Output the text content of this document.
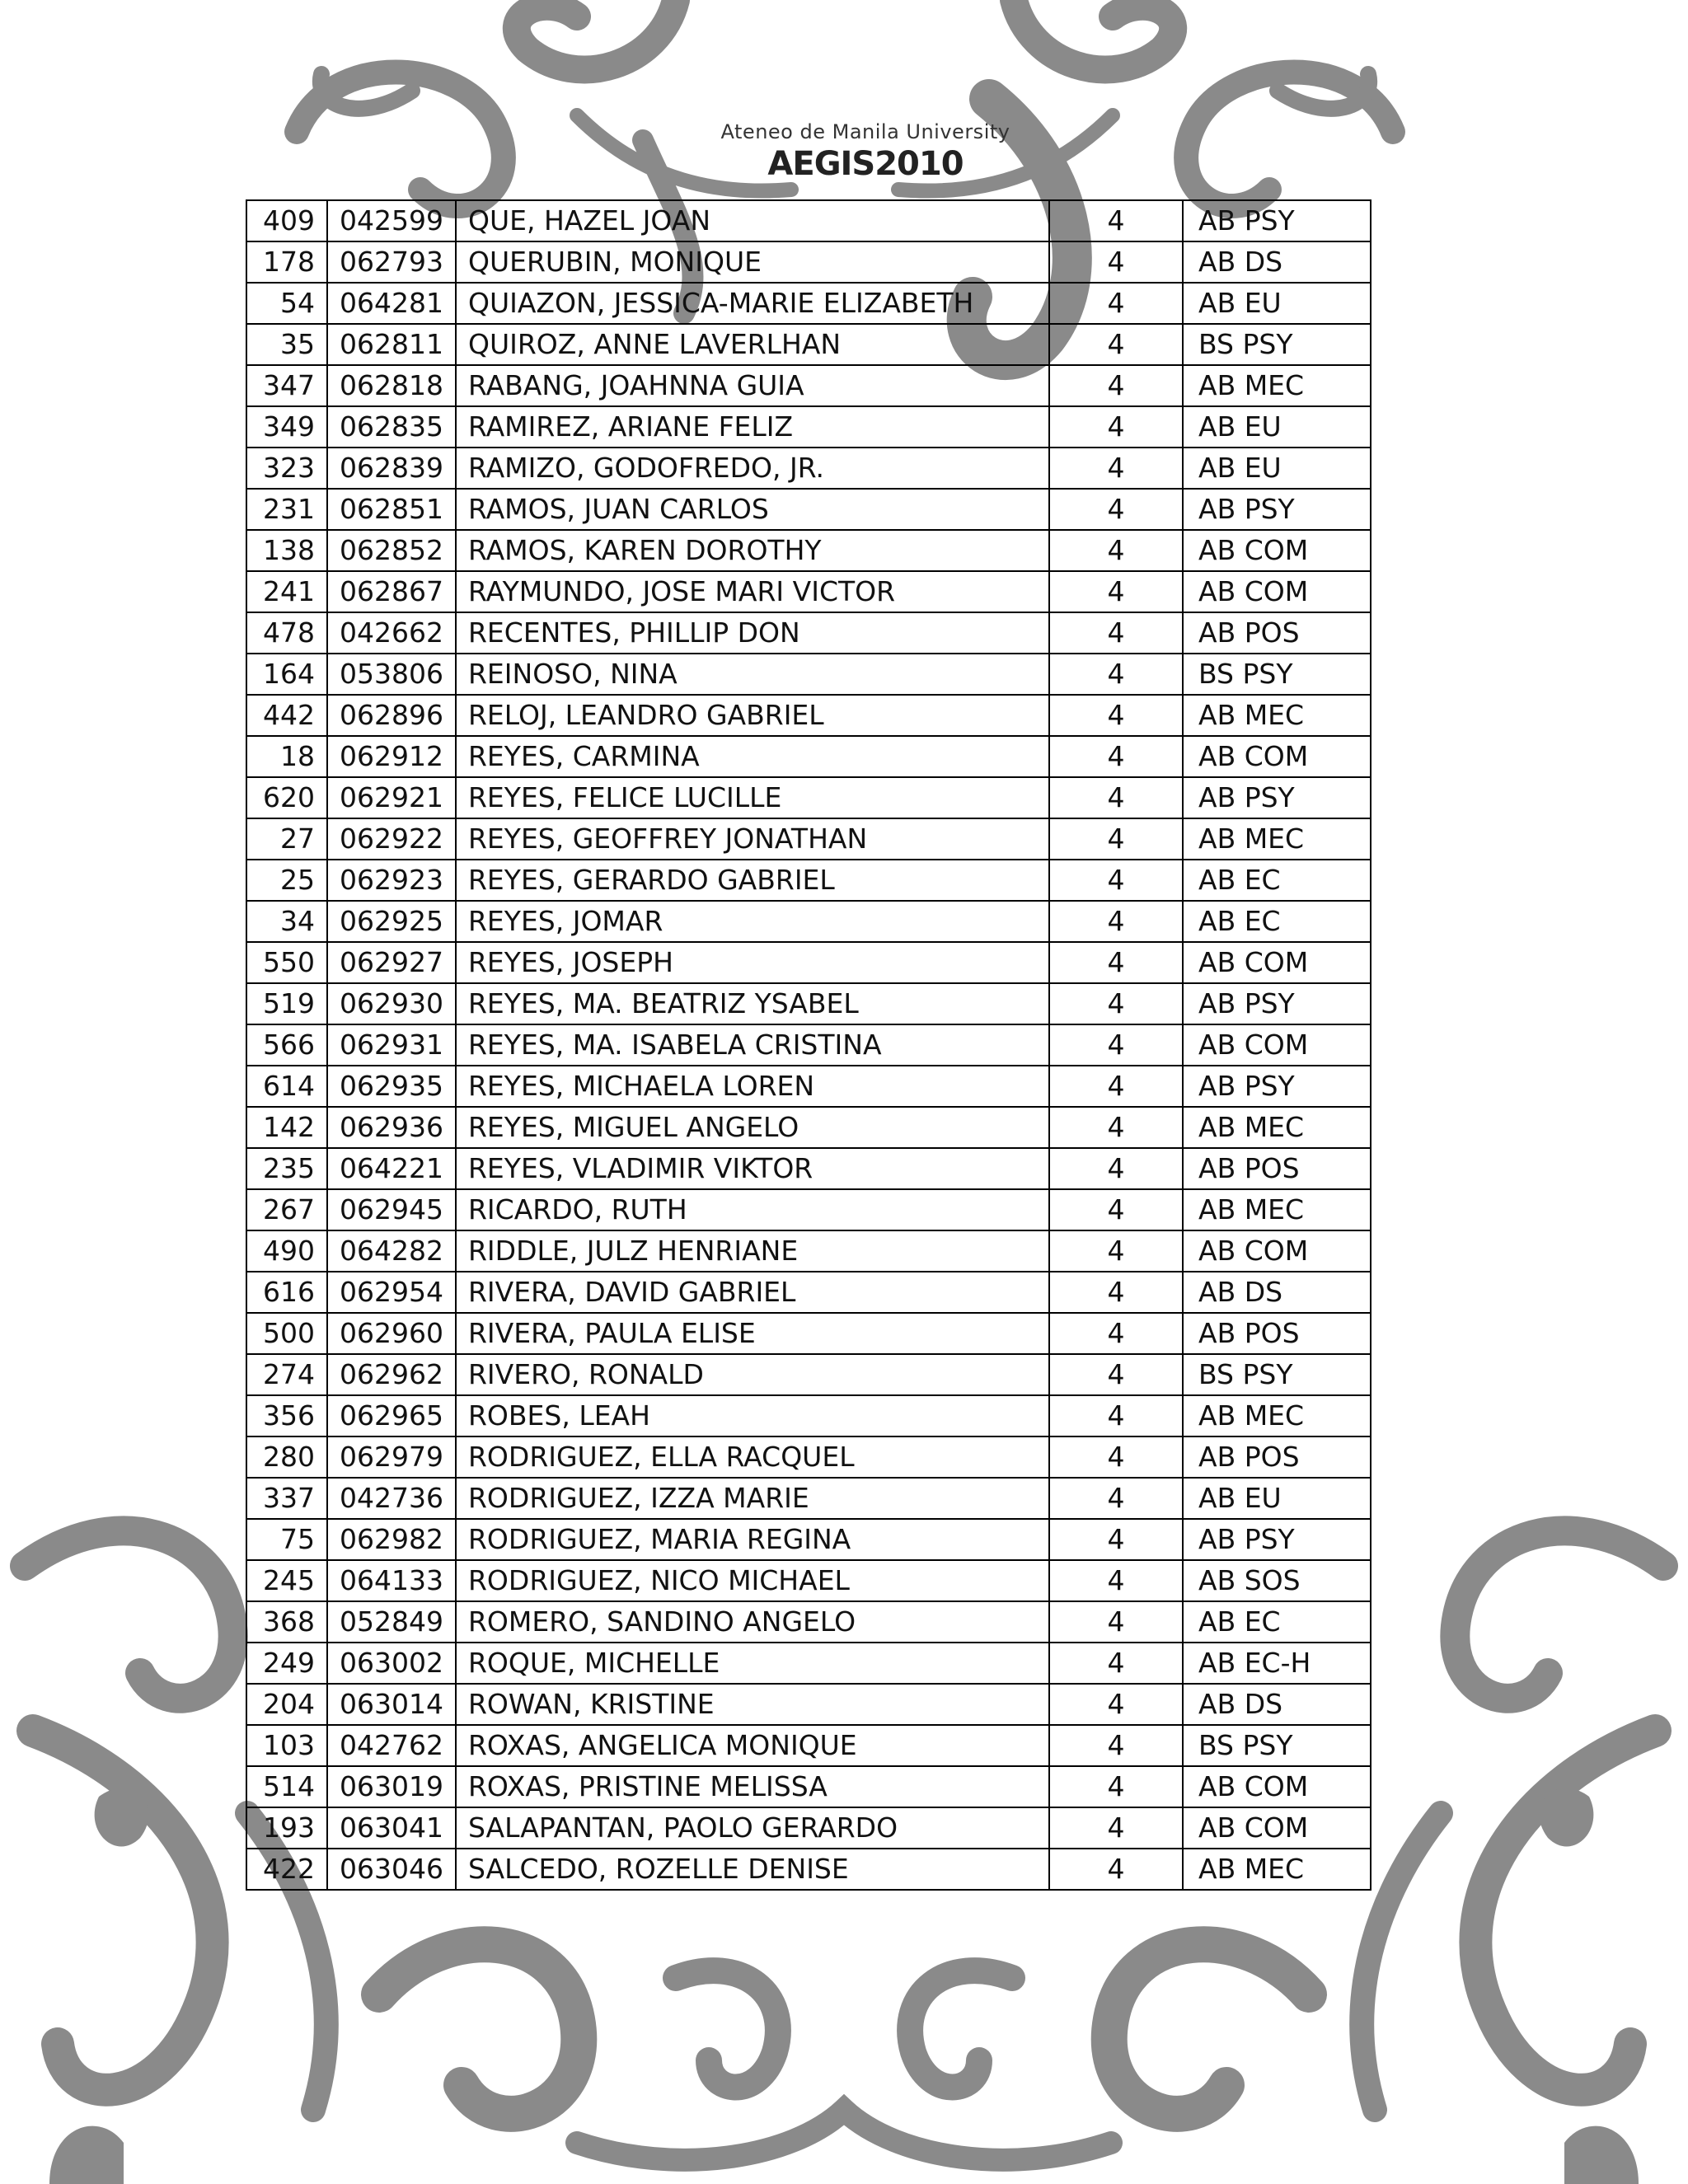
Ateneo de Manila University
AEGIS2010
409	042599	QUE, HAZEL JOAN	4	AB PSY
178	062793	QUERUBIN, MONIQUE	4	AB DS
54	064281	QUIAZON, JESSICA-MARIE ELIZABETH	4	AB EU
35	062811	QUIROZ, ANNE LAVERLHAN	4	BS PSY
347	062818	RABANG, JOAHNNA GUIA	4	AB MEC
349	062835	RAMIREZ, ARIANE FELIZ	4	AB EU
323	062839	RAMIZO, GODOFREDO, JR.	4	AB EU
231	062851	RAMOS, JUAN CARLOS	4	AB PSY
138	062852	RAMOS, KAREN DOROTHY	4	AB COM
241	062867	RAYMUNDO, JOSE MARI VICTOR	4	AB COM
478	042662	RECENTES, PHILLIP DON	4	AB POS
164	053806	REINOSO, NINA	4	BS PSY
442	062896	RELOJ, LEANDRO GABRIEL	4	AB MEC
18	062912	REYES, CARMINA	4	AB COM
620	062921	REYES, FELICE LUCILLE	4	AB PSY
27	062922	REYES, GEOFFREY JONATHAN	4	AB MEC
25	062923	REYES, GERARDO GABRIEL	4	AB EC
34	062925	REYES, JOMAR	4	AB EC
550	062927	REYES, JOSEPH	4	AB COM
519	062930	REYES, MA. BEATRIZ YSABEL	4	AB PSY
566	062931	REYES, MA. ISABELA CRISTINA	4	AB COM
614	062935	REYES, MICHAELA LOREN	4	AB PSY
142	062936	REYES, MIGUEL ANGELO	4	AB MEC
235	064221	REYES, VLADIMIR VIKTOR	4	AB POS
267	062945	RICARDO, RUTH	4	AB MEC
490	064282	RIDDLE, JULZ HENRIANE	4	AB COM
616	062954	RIVERA, DAVID GABRIEL	4	AB DS
500	062960	RIVERA, PAULA ELISE	4	AB POS
274	062962	RIVERO, RONALD	4	BS PSY
356	062965	ROBES, LEAH	4	AB MEC
280	062979	RODRIGUEZ, ELLA RACQUEL	4	AB POS
337	042736	RODRIGUEZ, IZZA MARIE	4	AB EU
75	062982	RODRIGUEZ, MARIA REGINA	4	AB PSY
245	064133	RODRIGUEZ, NICO MICHAEL	4	AB SOS
368	052849	ROMERO, SANDINO ANGELO	4	AB EC
249	063002	ROQUE, MICHELLE	4	AB EC-H
204	063014	ROWAN, KRISTINE	4	AB DS
103	042762	ROXAS, ANGELICA MONIQUE	4	BS PSY
514	063019	ROXAS, PRISTINE MELISSA	4	AB COM
193	063041	SALAPANTAN, PAOLO GERARDO	4	AB COM
422	063046	SALCEDO, ROZELLE DENISE	4	AB MEC
